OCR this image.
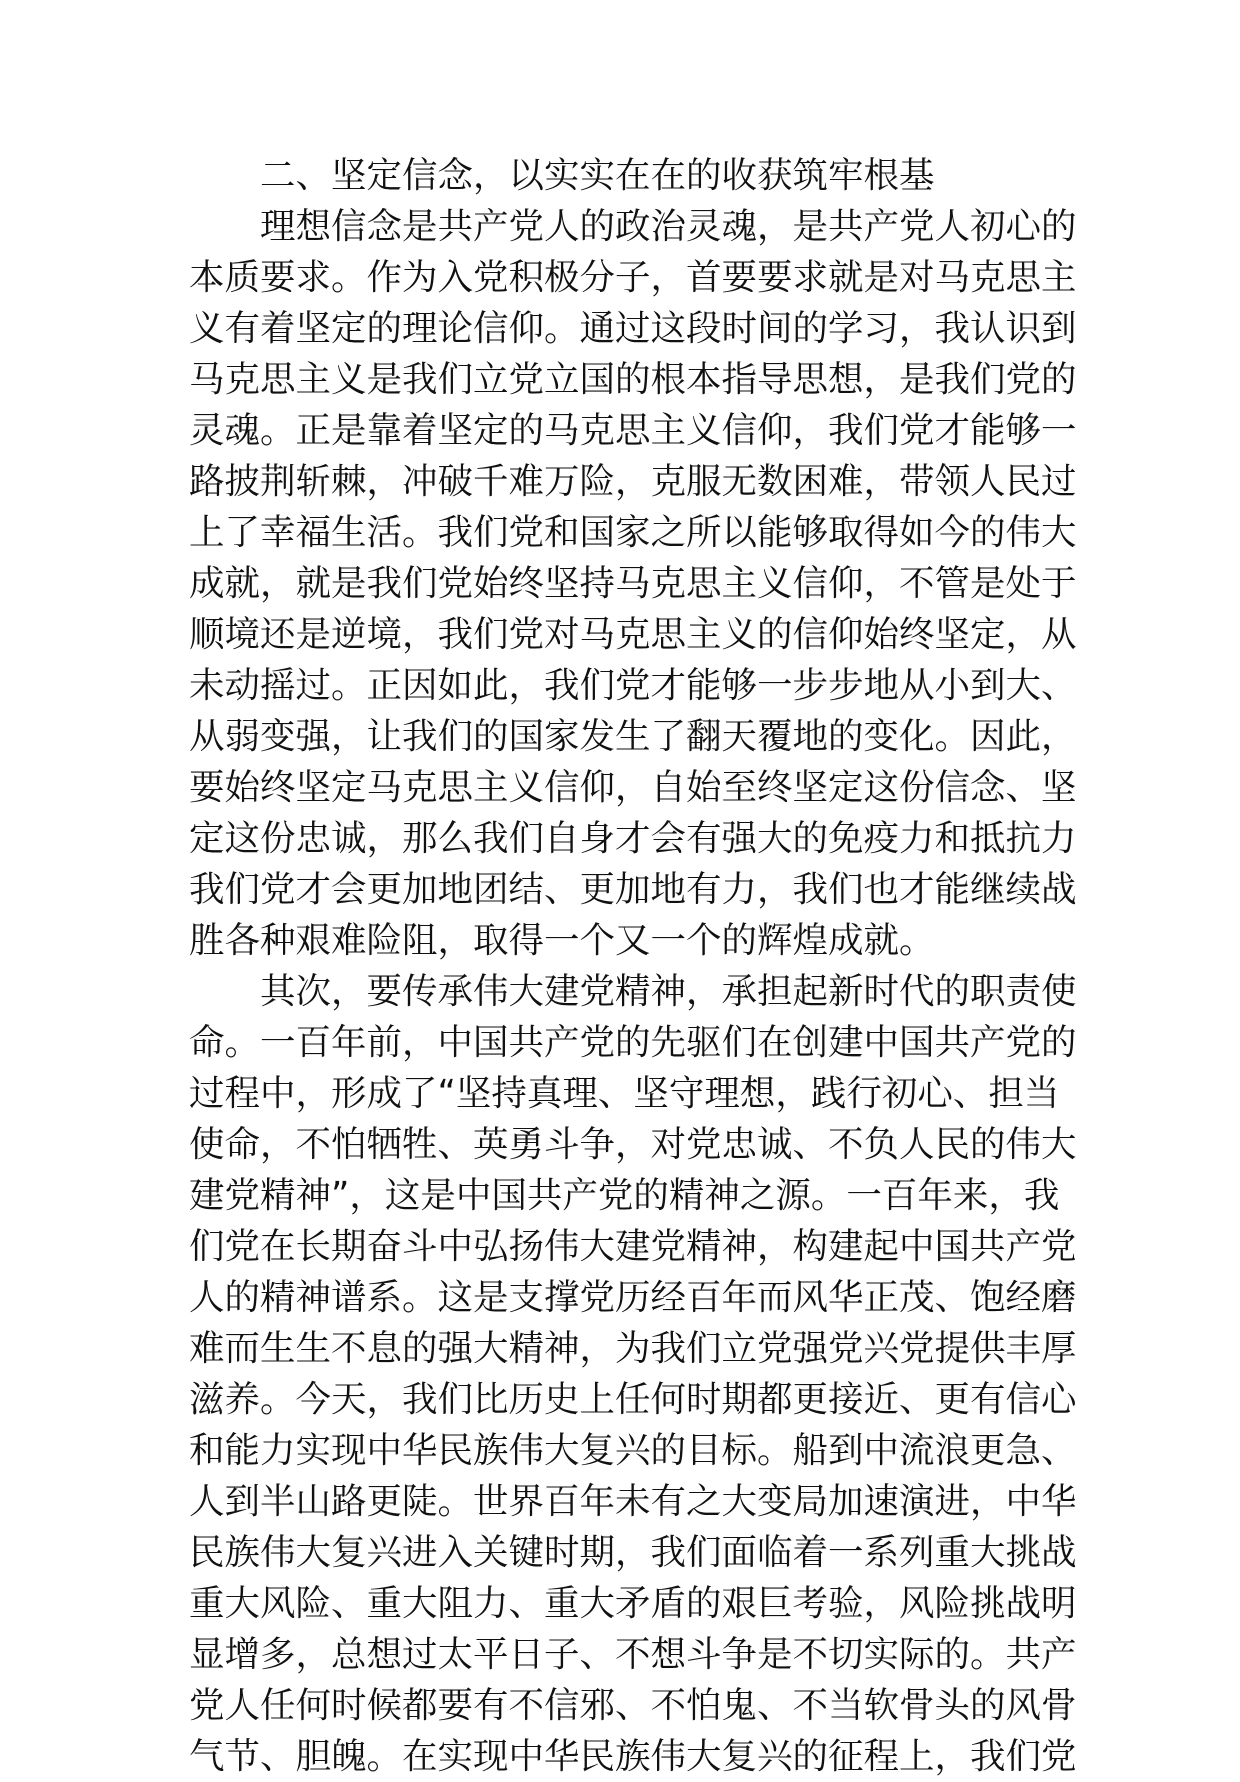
二、坚定信念，以实实在在的收获筑牢根基
理想信念是共产党人的政治灵魂，是共产党人初心的
本质要求。作为入党积极分子，首要要求就是对马克思主
义有着坚定的理论信仰。通过这段时间的学习，我认识到
马克思主义是我们立党立国的根本指导思想，是我们党的
灵魂。正是靠着坚定的马克思主义信仰，我们党才能够一
路披荆斩棘，冲破千难万险，克服无数困难，带领人民过
上了幸福生活。我们党和国家之所以能够取得如今的伟大
成就，就是我们党始终坚持马克思主义信仰，不管是处于
顺境还是逆境，我们党对马克思主义的信仰始终坚定，从
未动摇过。正因如此，我们党才能够一步步地从小到大、
从弱变强，让我们的国家发生了翻天覆地的变化。因此，
要始终坚定马克思主义信仰，自始至终坚定这份信念、坚
定这份忠诚，那么我们自身才会有强大的免疫力和抵抗力
我们党才会更加地团结、更加地有力，我们也才能继续战
胜各种艰难险阻，取得一个又一个的辉煌成就。
其次，要传承伟大建党精神，承担起新时代的职责使
命。一百年前，中国共产党的先驱们在创建中国共产党的
过程中，形成了“坚持真理、坚守理想，践行初心、担当
使命，不怕牺牲、英勇斗争，对党忠诚、不负人民的伟大
建党精神”，这是中国共产党的精神之源。一百年来，我
们党在长期奋斗中弘扬伟大建党精神，构建起中国共产党
人的精神谱系。这是支撑党历经百年而风华正茂、饱经磨
难而生生不息的强大精神，为我们立党强党兴党提供丰厚
滋养。今天，我们比历史上任何时期都更接近、更有信心
和能力实现中华民族伟大复兴的目标。船到中流浪更急、
人到半山路更陡。世界百年未有之大变局加速演进，中华
民族伟大复兴进入关键时期，我们面临着一系列重大挑战
重大风险、重大阻力、重大矛盾的艰巨考验，风险挑战明
显增多，总想过太平日子、不想斗争是不切实际的。共产
党人任何时候都要有不信邪、不怕鬼、不当软骨头的风骨
气节、胆魄。在实现中华民族伟大复兴的征程上，我们党
